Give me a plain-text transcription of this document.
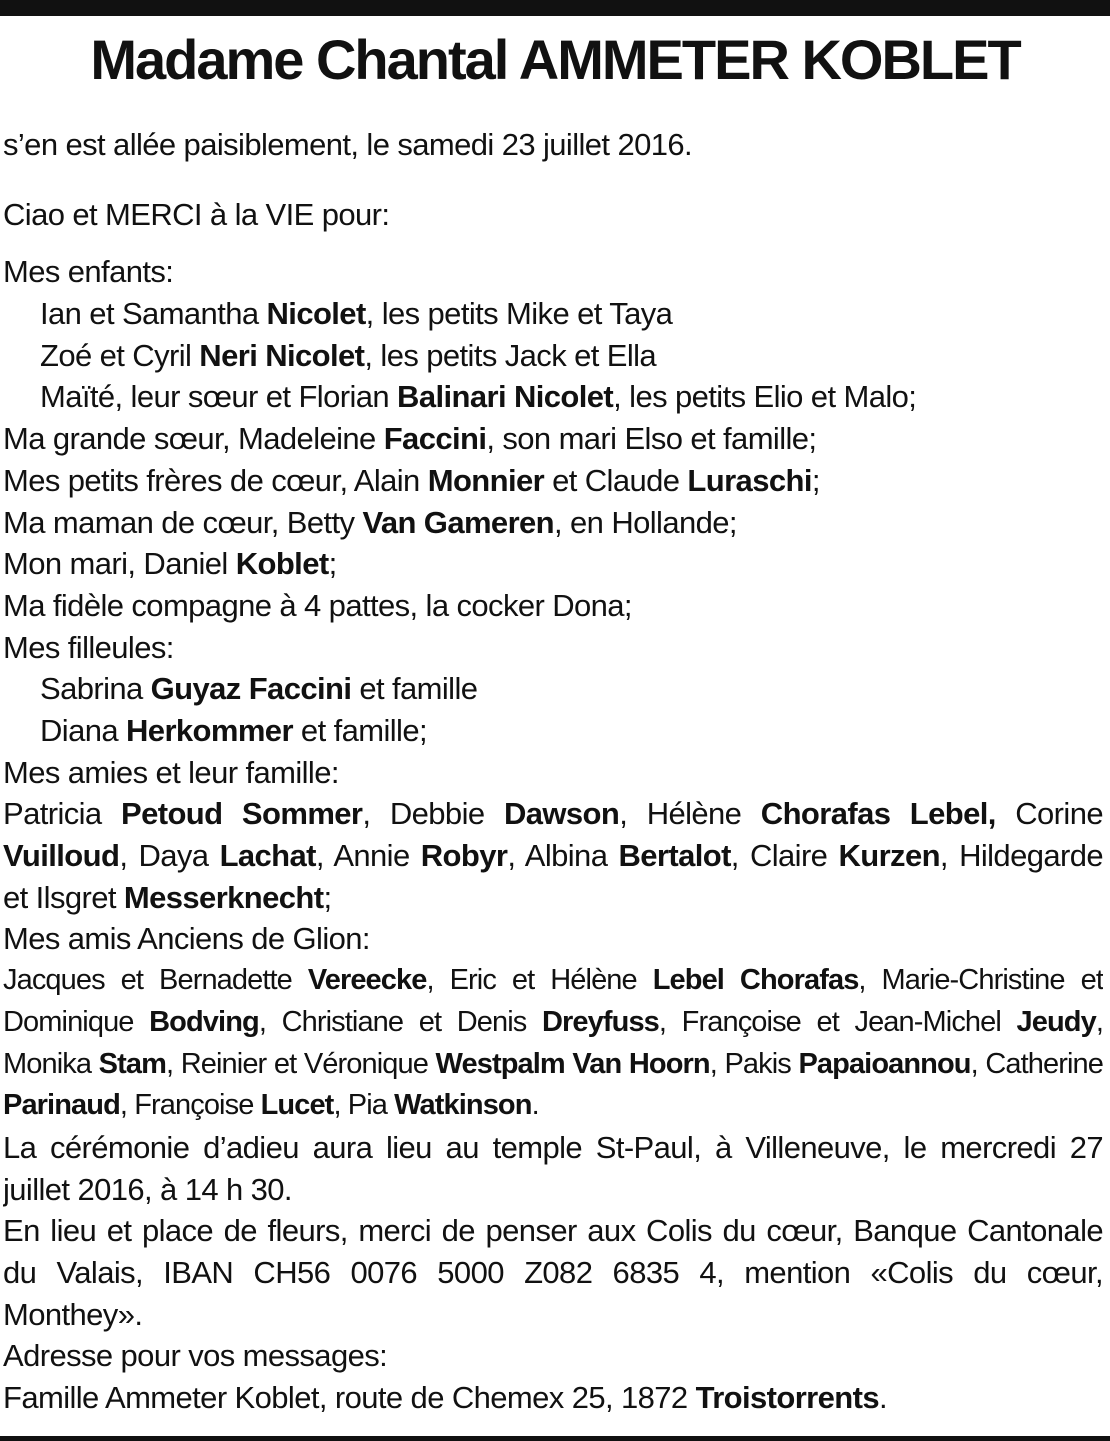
Madame Chantal AMMETER KOBLET
s’en est allée paisiblement, le samedi 23 juillet 2016.
Ciao et MERCI à la VIE pour:
Mes enfants:
Ian et Samantha Nicolet, les petits Mike et Taya
Zoé et Cyril Neri Nicolet, les petits Jack et Ella
Maïté, leur sœur et Florian Balinari Nicolet, les petits Elio et Malo;
Ma grande sœur, Madeleine Faccini, son mari Elso et famille;
Mes petits frères de cœur, Alain Monnier et Claude Luraschi;
Ma maman de cœur, Betty Van Gameren, en Hollande;
Mon mari, Daniel Koblet;
Ma fidèle compagne à 4 pattes, la cocker Dona;
Mes filleules:
Sabrina Guyaz Faccini et famille
Diana Herkommer et famille;
Mes amies et leur famille:
Patricia Petoud Sommer, Debbie Dawson, Hélène Chorafas Lebel, Corine Vuilloud, Daya Lachat, Annie Robyr, Albina Bertalot, Claire Kurzen, Hildegarde et Ilsgret Messerknecht;
Mes amis Anciens de Glion:
Jacques et Bernadette Vereecke, Eric et Hélène Lebel Chorafas, Marie-Christine et Dominique Bodving, Christiane et Denis Dreyfuss, Françoise et Jean-Michel Jeudy, Monika Stam, Reinier et Véronique Westpalm Van Hoorn, Pakis Papaioannou, Catherine Parinaud, Françoise Lucet, Pia Watkinson.
La cérémonie d’adieu aura lieu au temple St-Paul, à Villeneuve, le mercredi 27 juillet 2016, à 14 h 30.
En lieu et place de fleurs, merci de penser aux Colis du cœur, Banque Cantonale du Valais, IBAN CH56 0076 5000 Z082 6835 4, mention «Colis du cœur, Monthey».
Adresse pour vos messages:
Famille Ammeter Koblet, route de Chemex 25, 1872 Troistorrents.
